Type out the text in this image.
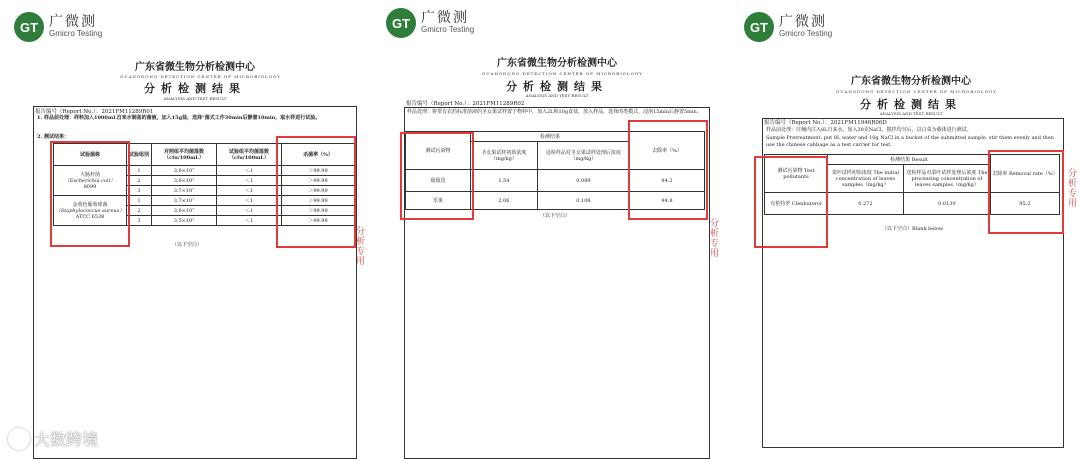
GT 广微测
Gmicro Testing
广东省微生物分析检测中心
GUANGDONG DETECTION CENTER OF MICROBIOLOGY
分析检测结果
ANALYSIS AND TEST RESULT
报告编号（Report No.）：2021FM11289R01
1. 样品前处理：样料加入1000mL自来水制备的菌液，加入15g盐，选择"菌式工作30min后静置10min，取水样进行试验。
2. 测试结果：
试验菌株	试验组别	对照组平均菌落数（cfu/100mL）	试验组平均菌落数（cfu/100mL）	杀菌率（%）

大肠杆菌
（Escherichia coli）
8099	1	3.6×10⁷	＜1	＞99.99
	2	3.6×10⁷	＜1	＞99.99
	3	3.7×10⁷	＜1	＞99.99

金黄色葡萄球菌
（Staphylococcus aureus）
ATCC 6538	1	3.7×10⁷	＜1	＞99.99
	2	3.6×10⁷	＜1	＞99.99
	3	3.5×10⁷	＜1	＞99.99
（以下空白）
分析专用
GT 广微测
Gmicro Testing
广东省微生物分析检测中心
GUANGDONG DETECTION CENTER OF MICROBIOLOGY
分析检测结果
ANALYSIS AND TEST RESULT
报告编号（Report No.）：2021FM11289R02
样品处理：将带有农药标准溶液的圣女果试样置于物料中，加入2L和10g食盐，放入样品，选择肉类模式，浸泡15min后静置5min。
测试污染物	检测结果		去除率（%）
	圣女果试样初始浓度（mg/kg）	适检样品对圣女果试样处理后浓度（mg/kg）	
敌敌畏	1.54	0.089	94.2
乐果	2.06	0.108	94.8
（以下空白）
分析专用
GT 广微测
Gmicro Testing
广东省微生物分析检测中心
GUANGDONG DETECTION CENTER OF MICROBIOLOGY
分析检测结果
ANALYSIS AND TEST RESULT
报告编号（Report No.）：2021FM11946R06D
样品前处理：往桶内注入8L自来水，加入30克NaCl，搅拌均匀后，以白菜为载体进行测试。
Sample Pretreatment: put 8L water and 10g NaCl in a bucket of the submitted sample, stir them evenly and then use the chinese cabbage as a test carrier for test.
测试污染物 Test pollutants	检测结果 Result		去除率 Removal rate（%）
	菜叶试样初始浓度 The initial concentration of leaves samples（mg/kg）	送检样品对菜叶试样处理后浓度 The processing concentration of leaves samples（mg/kg）	
克伦特罗 Clenbuterol	0.272	0.0130	95.2
（以下空白）Blank below
分析专用
大数跨境
